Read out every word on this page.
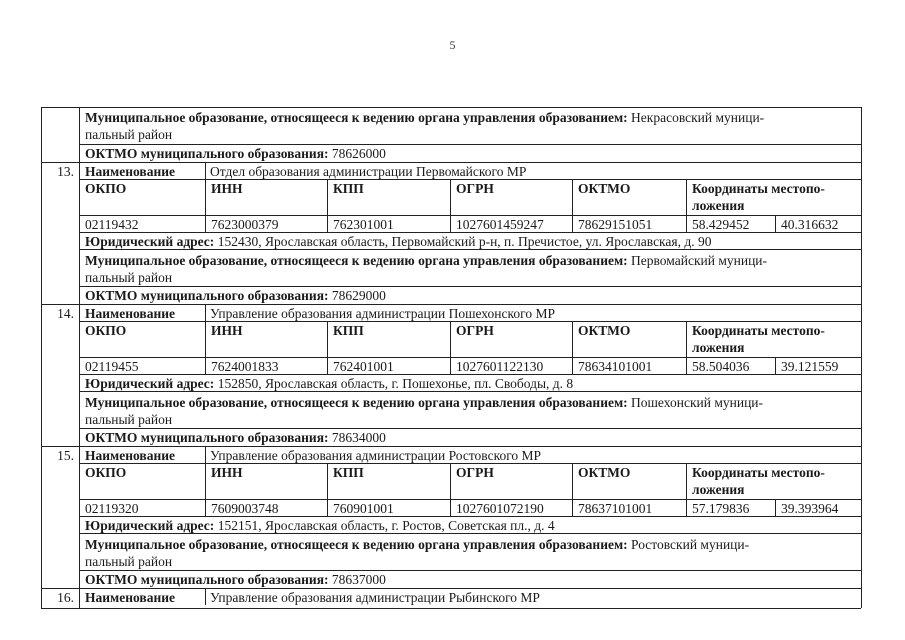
5
Муниципальное образование, относящееся к ведению органа управления образованием: Некрасовский муници-
пальный район
ОКТМО муниципального образования: 78626000
13. Наименование	Отдел образования администрации Первомайского МР
ОКПО	ИНН	КПП	ОГРН	ОКТМО	Координаты местопо-
ложения
02119432	7623000379	762301001	1027601459247	78629151051	58.429452 40.316632
Юридический адрес: 152430, Ярославская область, Первомайский р-н, п. Пречистое, ул. Ярославская, д. 90
Муниципальное образование, относящееся к ведению органа управления образованием: Первомайский муници-
пальный район
ОКТМО муниципального образования: 78629000
14. Наименование	Управление образования администрации Пошехонского МР
ОКПО	ИНН	КПП	ОГРН	ОКТМО	Координаты местопо-
ложения
02119455	7624001833	762401001	1027601122130	78634101001	58.504036 39.121559
Юридический адрес: 152850, Ярославская область, г. Пошехонье, пл. Свободы, д. 8
Муниципальное образование, относящееся к ведению органа управления образованием: Пошехонский муници-
пальный район
ОКТМО муниципального образования: 78634000
15. Наименование	Управление образования администрации Ростовского МР
ОКПО	ИНН	КПП	ОГРН	ОКТМО	Координаты местопо-
ложения
02119320	7609003748	760901001	1027601072190	78637101001	57.179836 39.393964
Юридический адрес: 152151, Ярославская область, г. Ростов, Советская пл., д. 4
Муниципальное образование, относящееся к ведению органа управления образованием: Ростовский муници-
пальный район
ОКТМО муниципального образования: 78637000
16. Наименование	Управление образования администрации Рыбинского МР
